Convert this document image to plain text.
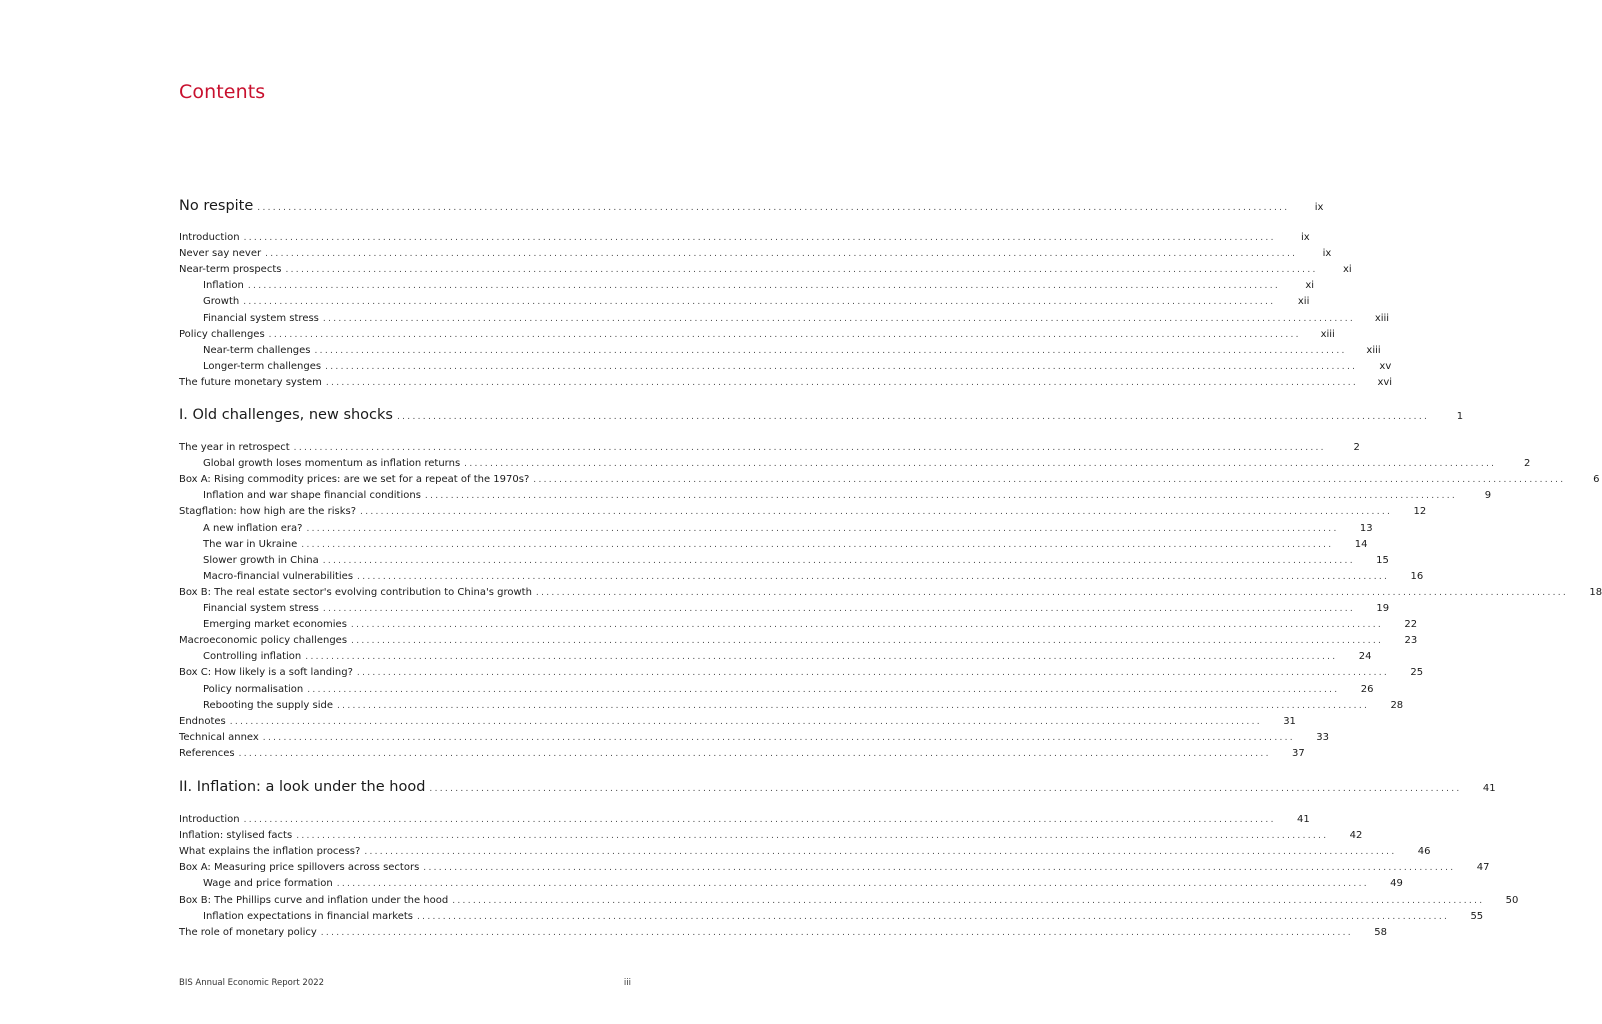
Contents
No respite ........................................................................................................................................................................................................	ix
Introduction ........................................................................................................................................................................................................	ix
Never say never ........................................................................................................................................................................................................	ix
Near-term prospects ........................................................................................................................................................................................................	xi
Inflation ........................................................................................................................................................................................................	xi
Growth ........................................................................................................................................................................................................	xii
Financial system stress ........................................................................................................................................................................................................	xiii
Policy challenges ........................................................................................................................................................................................................	xiii
Near-term challenges ........................................................................................................................................................................................................	xiii
Longer-term challenges ........................................................................................................................................................................................................	xv
The future monetary system ........................................................................................................................................................................................................	xvi
I. Old challenges, new shocks ........................................................................................................................................................................................................	1
The year in retrospect ........................................................................................................................................................................................................	2
Global growth loses momentum as inflation returns ........................................................................................................................................................................................................	2
Box A: Rising commodity prices: are we set for a repeat of the 1970s? ........................................................................................................................................................................................................	6
Inflation and war shape financial conditions ........................................................................................................................................................................................................	9
Stagflation: how high are the risks? ........................................................................................................................................................................................................	12
A new inflation era? ........................................................................................................................................................................................................	13
The war in Ukraine ........................................................................................................................................................................................................	14
Slower growth in China ........................................................................................................................................................................................................	15
Macro-financial vulnerabilities ........................................................................................................................................................................................................	16
Box B: The real estate sector's evolving contribution to China's growth ........................................................................................................................................................................................................	18
Financial system stress ........................................................................................................................................................................................................	19
Emerging market economies ........................................................................................................................................................................................................	22
Macroeconomic policy challenges ........................................................................................................................................................................................................	23
Controlling inflation ........................................................................................................................................................................................................	24
Box C: How likely is a soft landing? ........................................................................................................................................................................................................	25
Policy normalisation ........................................................................................................................................................................................................	26
Rebooting the supply side ........................................................................................................................................................................................................	28
Endnotes ........................................................................................................................................................................................................	31
Technical annex ........................................................................................................................................................................................................	33
References ........................................................................................................................................................................................................	37
II. Inflation: a look under the hood ........................................................................................................................................................................................................	41
Introduction ........................................................................................................................................................................................................	41
Inflation: stylised facts ........................................................................................................................................................................................................	42
What explains the inflation process? ........................................................................................................................................................................................................	46
Box A: Measuring price spillovers across sectors ........................................................................................................................................................................................................	47
Wage and price formation ........................................................................................................................................................................................................	49
Box B: The Phillips curve and inflation under the hood ........................................................................................................................................................................................................	50
Inflation expectations in financial markets ........................................................................................................................................................................................................	55
The role of monetary policy ........................................................................................................................................................................................................	58
BIS Annual Economic Report 2022	iii
